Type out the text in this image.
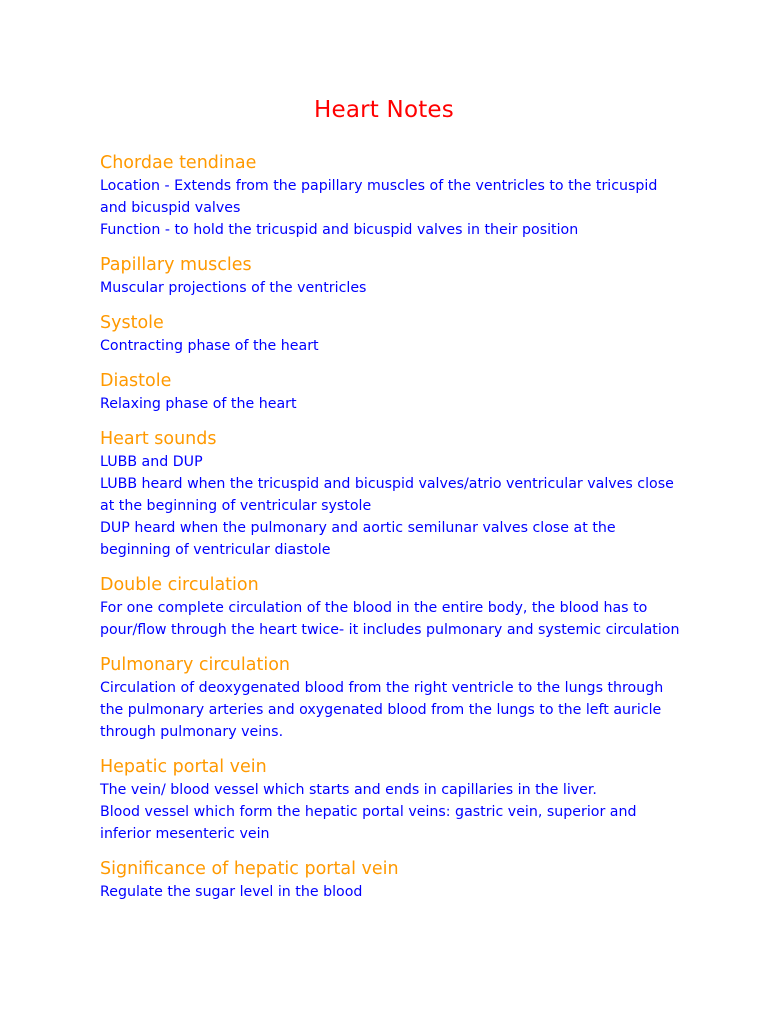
Heart Notes
Chordae tendinae
Location - Extends from the papillary muscles of the ventricles to the tricuspid and bicuspid valves
Function - to hold the tricuspid and bicuspid valves in their position
Papillary muscles
Muscular projections of the ventricles
Systole
Contracting phase of the heart
Diastole
Relaxing phase of the heart
Heart sounds
LUBB and DUP
LUBB heard when the tricuspid and bicuspid valves/atrio ventricular valves close at the beginning of ventricular systole
DUP heard when the pulmonary and aortic semilunar valves close at the beginning of ventricular diastole
Double circulation
For one complete circulation of the blood in the entire body, the blood has to pour/flow through the heart twice- it includes pulmonary and systemic circulation
Pulmonary circulation
Circulation of deoxygenated blood from the right ventricle to the lungs through the pulmonary arteries and oxygenated blood from the lungs to the left auricle through pulmonary veins.
Hepatic portal vein
The vein/ blood vessel which starts and ends in capillaries in the liver.
Blood vessel which form the hepatic portal veins: gastric vein, superior and inferior mesenteric vein
Significance of hepatic portal vein
Regulate the sugar level in the blood
